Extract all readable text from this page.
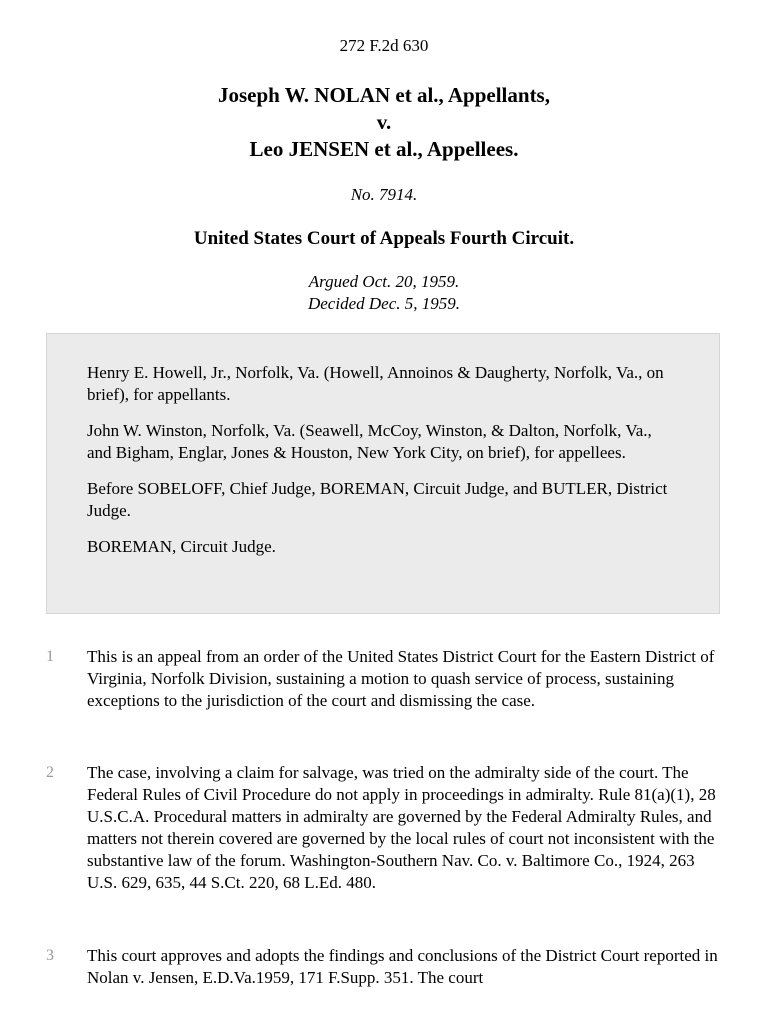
272 F.2d 630
Joseph W. NOLAN et al., Appellants,
v.
Leo JENSEN et al., Appellees.
No. 7914.
United States Court of Appeals Fourth Circuit.
Argued Oct. 20, 1959.
Decided Dec. 5, 1959.

Henry E. Howell, Jr., Norfolk, Va. (Howell, Annoinos & Daugherty, Norfolk, Va., on brief), for appellants.

John W. Winston, Norfolk, Va. (Seawell, McCoy, Winston, & Dalton, Norfolk, Va., and Bigham, Englar, Jones & Houston, New York City, on brief), for appellees.

Before SOBELOFF, Chief Judge, BOREMAN, Circuit Judge, and BUTLER, District Judge.

BOREMAN, Circuit Judge.

1 This is an appeal from an order of the United States District Court for the Eastern District of Virginia, Norfolk Division, sustaining a motion to quash service of process, sustaining exceptions to the jurisdiction of the court and dismissing the case.
2 The case, involving a claim for salvage, was tried on the admiralty side of the court. The Federal Rules of Civil Procedure do not apply in proceedings in admiralty. Rule 81(a)(1), 28 U.S.C.A. Procedural matters in admiralty are governed by the Federal Admiralty Rules, and matters not therein covered are governed by the local rules of court not inconsistent with the substantive law of the forum. Washington-Southern Nav. Co. v. Baltimore Co., 1924, 263 U.S. 629, 635, 44 S.Ct. 220, 68 L.Ed. 480.
3 This court approves and adopts the findings and conclusions of the District Court reported in Nolan v. Jensen, E.D.Va.1959, 171 F.Supp. 351. The court
